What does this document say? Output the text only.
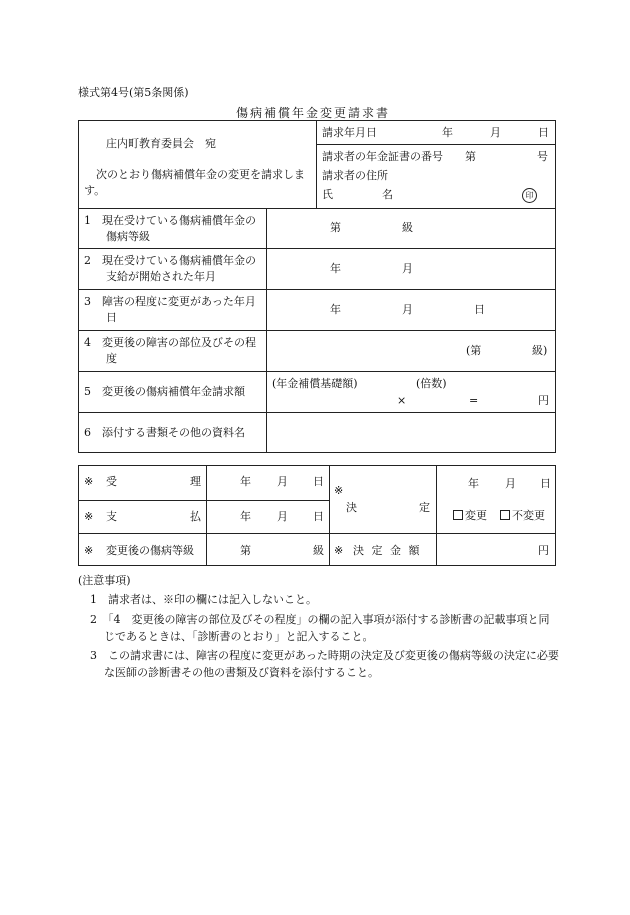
様式第4号(第5条関係)
傷病補償年金変更請求書
庄内町教育委員会　宛
次のとおり傷病補償年金の変更を請求します。
請求年月日	年	月	日
請求者の年金証書の番号 第	号
請求者の住所
氏	名	印
1　現在受けている傷病補償年金の傷病等級
第	級
2　現在受けている傷病補償年金の支給が開始された年月
年	月
3　障害の程度に変更があった年月日
年	月	日
4　変更後の障害の部位及びその程度
(第	級)
5　変更後の傷病補償年金請求額
(年金補償基礎額)	(倍数)
×	=	円
6　添付する書類その他の資料名
※ 受	理	年 月 日
※ 支	払	年 月 日
※
決	定
年 月 日
変更	不変更
※ 変更後の傷病等級	第	級 ※ 決 定 金 額	円
(注意事項)
1　請求者は、※印の欄には記入しないこと。
2　「4　変更後の障害の部位及びその程度」の欄の記入事項が添付する診断書の記載事項と同じであるときは、「診断書のとおり」と記入すること。
3　この請求書には、障害の程度に変更があった時期の決定及び変更後の傷病等級の決定に必要な医師の診断書その他の書類及び資料を添付すること。
